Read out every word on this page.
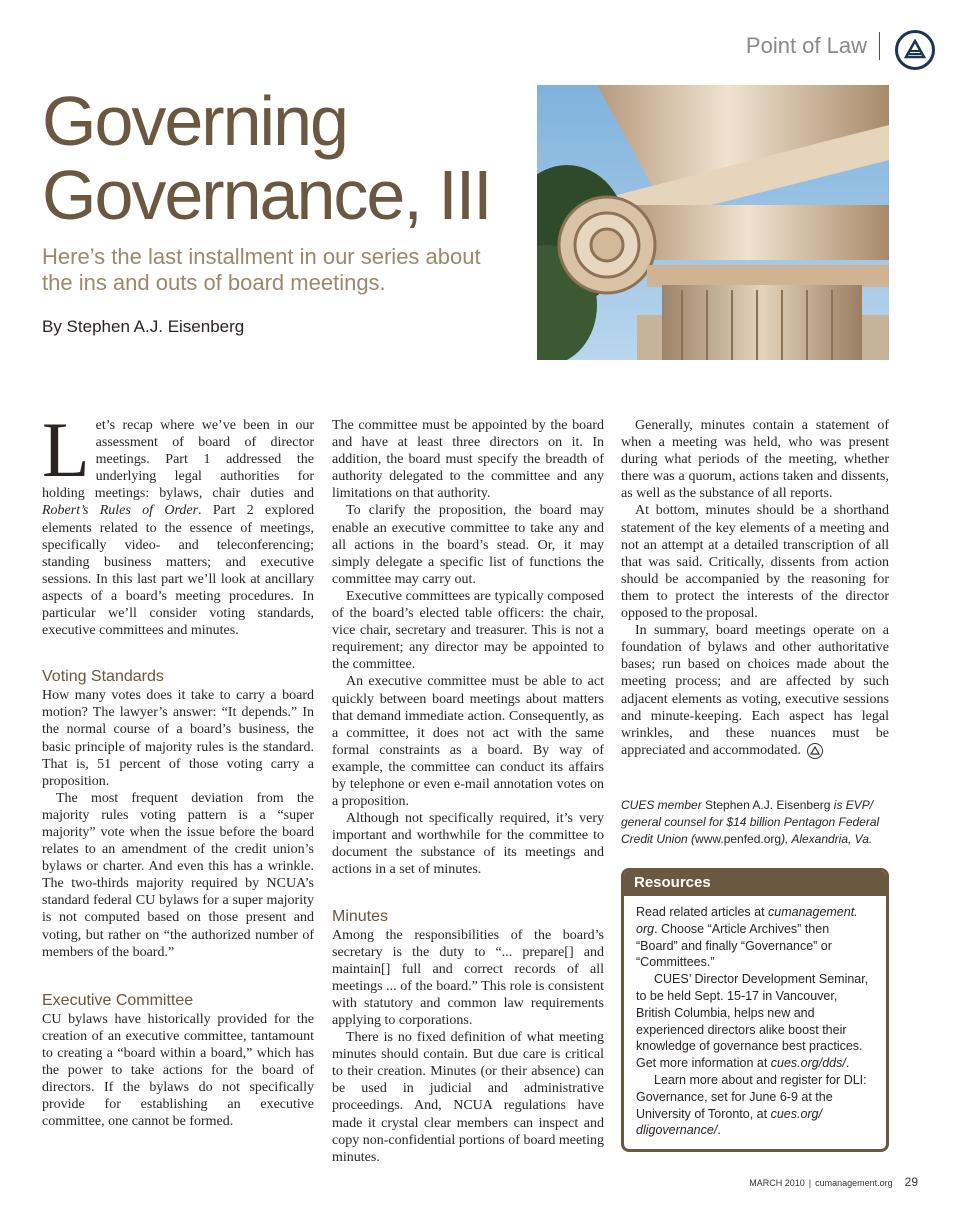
Point of Law
Governing
Governance, III
Here’s the last installment in our series about the ins and outs of board meetings.
By Stephen A.J. Eisenberg

Let’s recap where we’ve been in our assessment of board of director meetings. Part 1 addressed the underlying legal authorities for holding meetings: bylaws, chair duties and Robert’s Rules of Order. Part 2 explored elements related to the essence of meetings, specifically video- and teleconferencing; standing business matters; and executive sessions. In this last part we’ll look at ancillary aspects of a board’s meeting procedures. In particular we’ll consider voting standards, executive committees and minutes.

Voting Standards

How many votes does it take to carry a board motion? The lawyer’s answer: “It depends.” In the normal course of a board’s business, the basic principle of majority rules is the standard. That is, 51 percent of those voting carry a proposition.

The most frequent deviation from the majority rules voting pattern is a “super majority” vote when the issue before the board relates to an amendment of the credit union’s bylaws or charter. And even this has a wrinkle. The two-thirds majority required by NCUA’s standard federal CU bylaws for a super majority is not computed based on those present and voting, but rather on “the authorized number of members of the board.”

Executive Committee

CU bylaws have historically provided for the creation of an executive committee, tantamount to creating a “board within a board,” which has the power to take actions for the board of directors. If the bylaws do not specifically provide for establishing an executive committee, one cannot be formed.

The committee must be appointed by the board and have at least three directors on it. In addition, the board must specify the breadth of authority delegated to the committee and any limitations on that authority.

To clarify the proposition, the board may enable an executive committee to take any and all actions in the board’s stead. Or, it may simply delegate a specific list of functions the committee may carry out.

Executive committees are typically composed of the board’s elected table officers: the chair, vice chair, secretary and treasurer. This is not a requirement; any director may be appointed to the committee.

An executive committee must be able to act quickly between board meetings about matters that demand immediate action. Consequently, as a committee, it does not act with the same formal constraints as a board. By way of example, the committee can conduct its affairs by telephone or even e-mail annotation votes on a proposition.

Although not specifically required, it’s very important and worthwhile for the committee to document the substance of its meetings and actions in a set of minutes.

Minutes

Among the responsibilities of the board’s secretary is the duty to “... prepare[] and maintain[] full and correct records of all meetings ... of the board.” This role is consistent with statutory and common law requirements applying to corporations.

There is no fixed definition of what meeting minutes should contain. But due care is critical to their creation. Minutes (or their absence) can be used in judicial and administrative proceedings. And, NCUA regulations have made it crystal clear members can inspect and copy non-confidential portions of board meeting minutes.

Generally, minutes contain a statement of when a meeting was held, who was present during what periods of the meeting, whether there was a quorum, actions taken and dissents, as well as the substance of all reports.

At bottom, minutes should be a shorthand statement of the key elements of a meeting and not an attempt at a detailed transcription of all that was said. Critically, dissents from action should be accompanied by the reasoning for them to protect the interests of the director opposed to the proposal.

In summary, board meetings operate on a foundation of bylaws and other authoritative bases; run based on choices made about the meeting process; and are affected by such adjacent elements as voting, executive sessions and minute-keeping. Each aspect has legal wrinkles, and these nuances must be appreciated and accommodated.

CUES member Stephen A.J. Eisenberg is EVP/ general counsel for $14 billion Pentagon Federal Credit Union (www.penfed.org), Alexandria, Va.
Resources

Read related articles at cumanagement. org. Choose “Article Archives” then “Board” and finally “Governance” or “Committees.”

CUES’ Director Development Seminar, to be held Sept. 15-17 in Vancouver, British Columbia, helps new and experienced directors alike boost their knowledge of governance best practices. Get more information at cues.org/dds/.

Learn more about and register for DLI: Governance, set for June 6-9 at the University of Toronto, at cues.org/ dligovernance/.

MARCH 2010 | cumanagement.org 29
